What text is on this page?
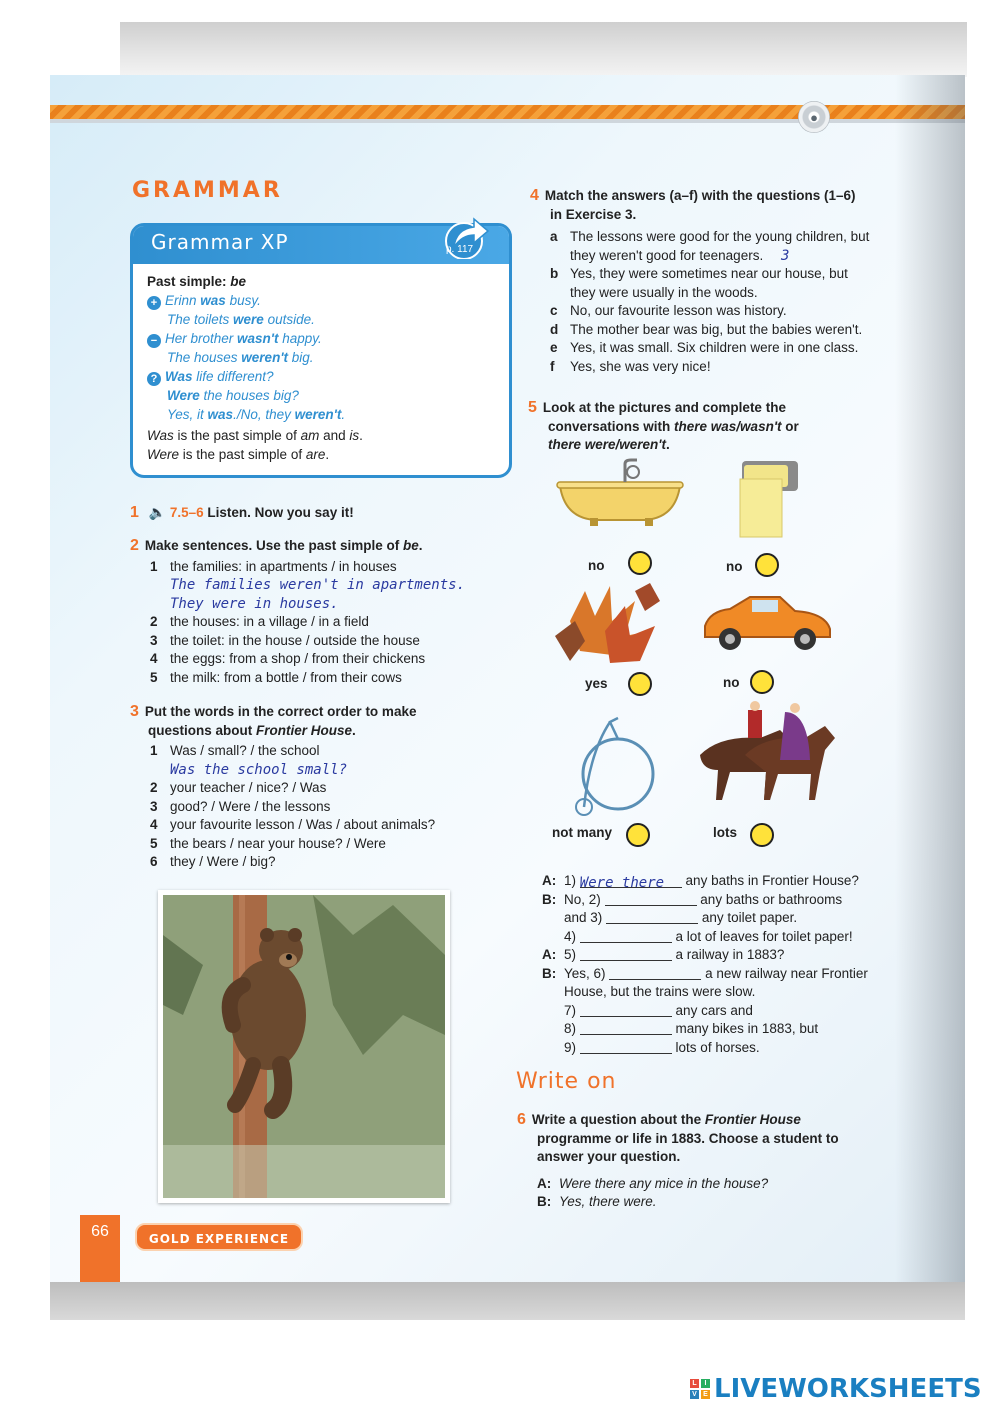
●
GRAMMAR
Grammar XP
Past simple: be
+ Erinn was busy.
The toilets were outside.
− Her brother wasn't happy.
The houses weren't big.
? Was life different?
Were the houses big?
Yes, it was./No, they weren't.
Was is the past simple of am and is.
Were is the past simple of are.
p. 117
1 🔈 7.5–6 Listen. Now you say it!
2 Make sentences. Use the past simple of be.
1 the families: in apartments / in houses
The families weren't in apartments.
They were in houses.
2 the houses: in a village / in a field
3 the toilet: in the house / outside the house
4 the eggs: from a shop / from their chickens
5 the milk: from a bottle / from their cows
3 Put the words in the correct order to make
questions about Frontier House.
1 Was / small? / the school
Was the school small?
2 your teacher / nice? / Was
3 good? / Were / the lessons
4 your favourite lesson / Was / about animals?
5 the bears / near your house? / Were
6 they / Were / big?
4 Match the answers (a–f) with the questions (1–6)
in Exercise 3.
a The lessons were good for the young children, but
they weren't good for teenagers. 3
b Yes, they were sometimes near our house, but
they were usually in the woods.
c No, our favourite lesson was history.
d The mother bear was big, but the babies weren't.
e Yes, it was small. Six children were in one class.
f	Yes, she was very nice!
5 Look at the pictures and complete the
conversations with there was/wasn't or
there were/weren't.
no	no
yes	no
not many	lots
A: 1) Were there any baths in Frontier House?
B: No, 2)	any baths or bathrooms
and 3)	any toilet paper.
4)	a lot of leaves for toilet paper!
A: 5)	a railway in 1883?
B: Yes, 6)	a new railway near Frontier
House, but the trains were slow.
7)	any cars and
8)	many bikes in 1883, but
9)	lots of horses.
Write on
6 Write a question about the Frontier House
programme or life in 1883. Choose a student to
answer your question.
A: Were there any mice in the house?
B: Yes, there were.
66	GOLD EXPERIENCE
L	I
V E LIVEWORKSHEETS
